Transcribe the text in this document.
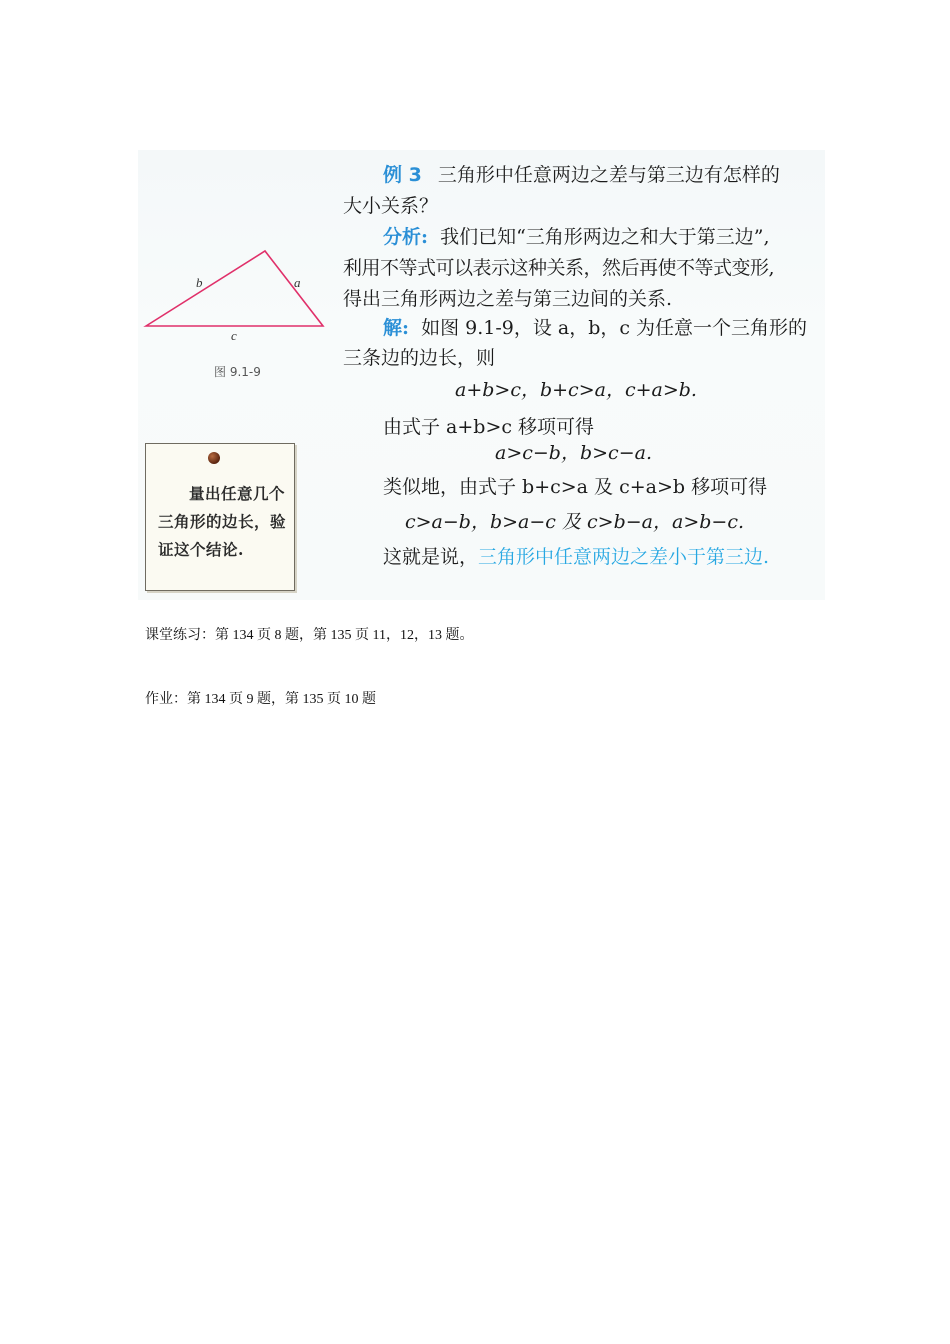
b	a
c
图 9.1-9
量出任意几个三角形的边长，验证这个结论.
例 3 三角形中任意两边之差与第三边有怎样的
大小关系？
分析: 我们已知“三角形两边之和大于第三边”,
利用不等式可以表示这种关系，然后再使不等式变形,
得出三角形两边之差与第三边间的关系.
解: 如图 9.1-9，设 a，b，c 为任意一个三角形的
三条边的边长，则
a+b>c，b+c>a，c+a>b.
由式子 a+b>c 移项可得
a>c−b，b>c−a.
类似地，由式子 b+c>a 及 c+a>b 移项可得
c>a−b，b>a−c 及 c>b−a，a>b−c.
这就是说，三角形中任意两边之差小于第三边.
课堂练习：第 134 页 8 题，第 135 页 11，12，13 题。
作业：第 134 页 9 题，第 135 页 10 题
